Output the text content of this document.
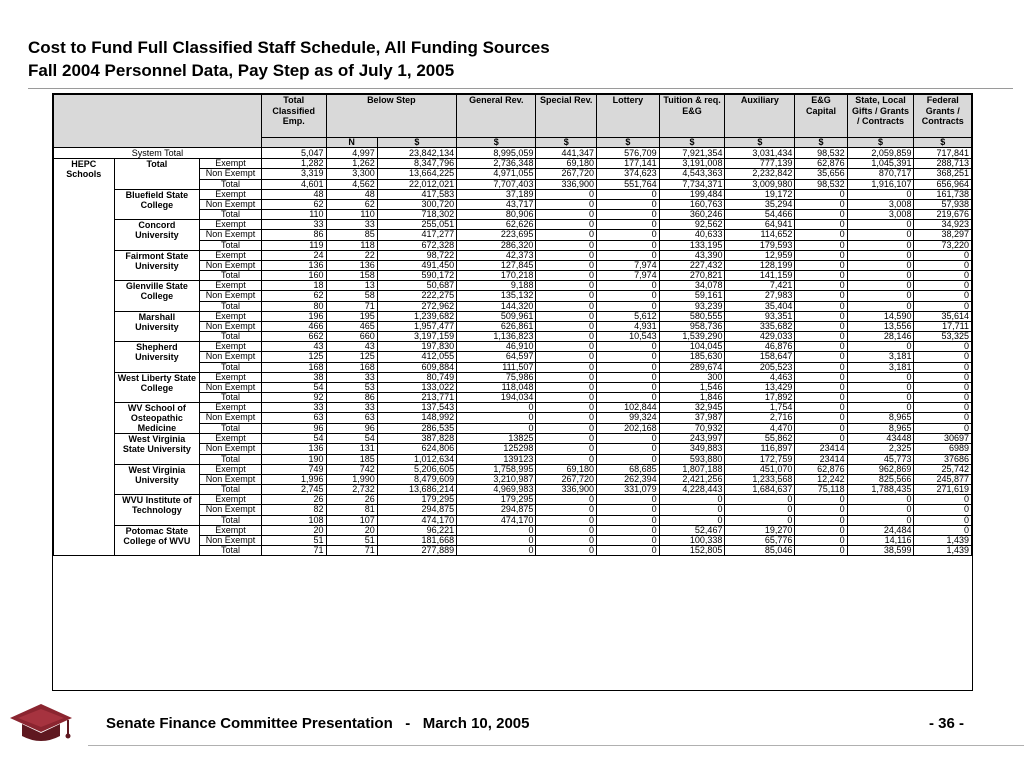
Cost to Fund Full Classified Staff Schedule, All Funding Sources
Fall 2004 Personnel Data, Pay Step as of July 1, 2005
			Total Classified Emp.	Below Step		General Rev.	Special Rev.	Lottery	Tuition & req. E&G	Auxiliary	E&G Capital	State, Local Gifts / Grants / Contracts	Federal Grants / Contracts
				N	$	$	$	$	$	$	$	$	$
System Total			5,047	4,997	23,842,134	8,995,059	441,347	576,709	7,921,354	3,031,434	98,532	2,059,859	717,841
HEPC Schools	Total	Exempt	1,282	1,262	8,347,796	2,736,348	69,180	177,141	3,191,008	777,139	62,876	1,045,391	288,713
		Non Exempt	3,319	3,300	13,664,225	4,971,055	267,720	374,623	4,543,363	2,232,842	35,656	870,717	368,251
		Total	4,601	4,562	22,012,021	7,707,403	336,900	551,764	7,734,371	3,009,980	98,532	1,916,107	656,964
	Bluefield State College	Exempt	48	48	417,583	37,189	0	0	199,484	19,172	0	0	161,738
		Non Exempt	62	62	300,720	43,717	0	0	160,763	35,294	0	3,008	57,938
		Total	110	110	718,302	80,906	0	0	360,246	54,466	0	3,008	219,676
	Concord University	Exempt	33	33	255,051	62,626	0	0	92,562	64,941	0	0	34,923
		Non Exempt	86	85	417,277	223,695	0	0	40,633	114,652	0	0	38,297
		Total	119	118	672,328	286,320	0	0	133,195	179,593	0	0	73,220
	Fairmont State University	Exempt	24	22	98,722	42,373	0	0	43,390	12,959	0	0	0
		Non Exempt	136	136	491,450	127,845	0	7,974	227,432	128,199	0	0	0
		Total	160	158	590,172	170,218	0	7,974	270,821	141,159	0	0	0
	Glenville State College	Exempt	18	13	50,687	9,188	0	0	34,078	7,421	0	0	0
		Non Exempt	62	58	222,275	135,132	0	0	59,161	27,983	0	0	0
		Total	80	71	272,962	144,320	0	0	93,239	35,404	0	0	0
	Marshall University	Exempt	196	195	1,239,682	509,961	0	5,612	580,555	93,351	0	14,590	35,614
		Non Exempt	466	465	1,957,477	626,861	0	4,931	958,736	335,682	0	13,556	17,711
		Total	662	660	3,197,159	1,136,823	0	10,543	1,539,290	429,033	0	28,146	53,325
	Shepherd University	Exempt	43	43	197,830	46,910	0	0	104,045	46,876	0	0	0
		Non Exempt	125	125	412,055	64,597	0	0	185,630	158,647	0	3,181	0
		Total	168	168	609,884	111,507	0	0	289,674	205,523	0	3,181	0
	West Liberty State College	Exempt	38	33	80,749	75,986	0	0	300	4,463	0	0	0
		Non Exempt	54	53	133,022	118,048	0	0	1,546	13,429	0	0	0
		Total	92	86	213,771	194,034	0	0	1,846	17,892	0	0	0
	WV School of Osteopathic Medicine	Exempt	33	33	137,543	0	0	102,844	32,945	1,754	0	0	0
		Non Exempt	63	63	148,992	0	0	99,324	37,987	2,716	0	8,965	0
		Total	96	96	286,535	0	0	202,168	70,932	4,470	0	8,965	0
	West Virginia State University	Exempt	54	54	387,828	13825	0	0	243,997	55,862	0	43448	30697
		Non Exempt	136	131	624,806	125298	0	0	349,883	116,897	23414	2,325	6989
		Total	190	185	1,012,634	139123	0	0	593,880	172,759	23414	45,773	37686
	West Virginia University	Exempt	749	742	5,206,605	1,758,995	69,180	68,685	1,807,188	451,070	62,876	962,869	25,742
		Non Exempt	1,996	1,990	8,479,609	3,210,987	267,720	262,394	2,421,256	1,233,568	12,242	825,566	245,877
		Total	2,745	2,732	13,686,214	4,969,983	336,900	331,079	4,228,443	1,684,637	75,118	1,788,435	271,619
	WVU Institute of Technology	Exempt	26	26	179,295	179,295	0	0	0	0	0	0	0
		Non Exempt	82	81	294,875	294,875	0	0	0	0	0	0	0
		Total	108	107	474,170	474,170	0	0	0	0	0	0	0
	Potomac State College of WVU	Exempt	20	20	96,221	0	0	0	52,467	19,270	0	24,484	0
		Non Exempt	51	51	181,668	0	0	0	100,338	65,776	0	14,116	1,439
		Total	71	71	277,889	0	0	0	152,805	85,046	0	38,599	1,439
Senate Finance Committee Presentation   -   March 10, 2005	- 36 -
